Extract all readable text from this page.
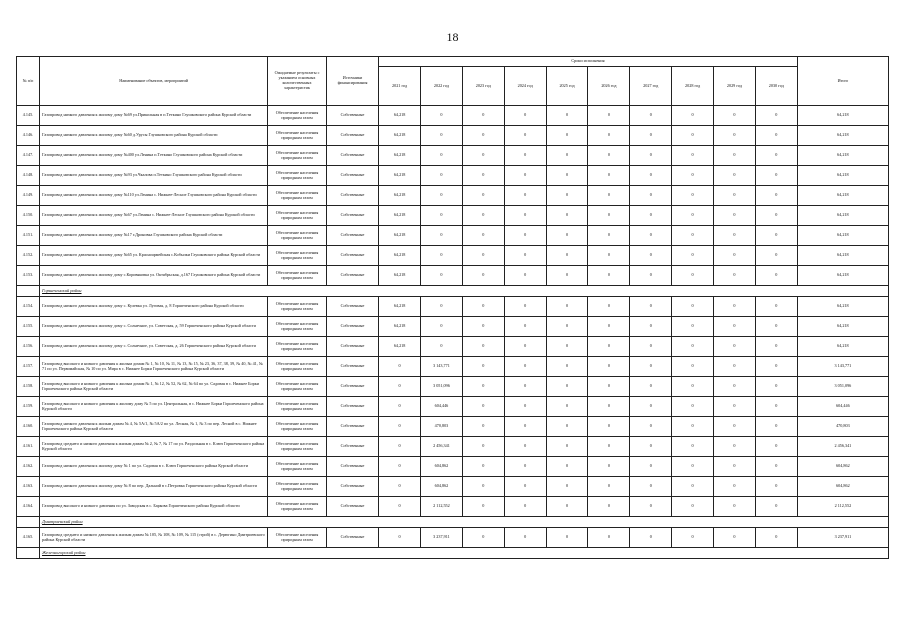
18
№ п/п	Наименование объектов, мероприятий	Ожидаемые результаты с указанием основных количественных характеристик	Источники финансирования	Сроки исполнения										Итого
				2021 год	2022 год	2023 год	2024 год	2025 год	2026 год	2027 год	2028 год	2029 год	2030 год	
4.145.	Газопровод низкого давления к жилому дому №69 ул.Прикольная в п.Теткино Глушковского района Курской области	Обеспечение населения природным газом	Собственные	64,218	0	0	0	0	0	0	0	0	0	64,218
4.146.	Газопровод низкого давления к жилому дому №60 д.Урусы Глушковского района Курской области	Обеспечение населения природным газом	Собственные	64,218	0	0	0	0	0	0	0	0	0	64,218
4.147.	Газопровод низкого давления к жилому дому №400 ул.Ленина п.Теткино Глушковского района Курской области	Обеспечение населения природным газом	Собственные	64,218	0	0	0	0	0	0	0	0	0	64,218
4.148.	Газопровод низкого давления к жилому дому №93 ул.Чкалова п.Теткино Глушковского района Курской области	Обеспечение населения природным газом	Собственные	64,218	0	0	0	0	0	0	0	0	0	64,218
4.149.	Газопровод низкого давления к жилому дому №110 ул.Ленина с. Нижнее-Лесное Глушковского района Курской области	Обеспечение населения природным газом	Собственные	64,218	0	0	0	0	0	0	0	0	0	64,218
4.150.	Газопровод низкого давления к жилому дому №67 ул.Ленина с. Нижнее-Лесное Глушковского района Курской области	Обеспечение населения природным газом	Собственные	64,218	0	0	0	0	0	0	0	0	0	64,218
4.151.	Газопровод низкого давления к жилому дому №17 г.Дроновка Глушковского района Курской области	Обеспечение населения природным газом	Собственные	64,218	0	0	0	0	0	0	0	0	0	64,218
4.152.	Газопровод низкого давления к жилому дому №65 ул. Красноармейская с.Кобылки Глушковского района Курской области	Обеспечение населения природным газом	Собственные	64,218	0	0	0	0	0	0	0	0	0	64,218
4.153.	Газопровод низкого давления к жилому дому с.Коровяковка ул. Октябрьская, д.167 Глушковского района Курской области	Обеспечение населения природным газом	Собственные	64,218	0	0	0	0	0	0	0	0	0	64,218
	Горшеченский район													
4.154.	Газопровод низкого давления к жилому дому с. Кулевка ул. Луговая, д. 8 Горшеченского района Курской области	Обеспечение населения природным газом	Собственные	64,218	0	0	0	0	0	0	0	0	0	64,218
4.155.	Газопровод низкого давления к жилому дому с. Солнечное, ул. Советская, д. 59 Горшеченского района Курской области	Обеспечение населения природным газом	Собственные	64,218	0	0	0	0	0	0	0	0	0	64,218
4.156.	Газопровод низкого давления к жилому дому с. Солнечное, ул. Советская, д. 26 Горшеченского района Курской области	Обеспечение населения природным газом	Собственные	64,218	0	0	0	0	0	0	0	0	0	64,218
4.157.	Газопровод высокого и низкого давления к жилым домам № 1, № 10, № 11, № 13, № 15, № 23, 36, 37, 38, 39, № 40, № 41, № 71 по ул. Первомайская, № 10 по ул. Мира в с. Нижнее Борки Горшеченского района Курской области	Обеспечение населения природным газом	Собственные	0	3 143,771	0	0	0	0	0	0	0	0	3 143,771
4.158.	Газопровод высокого и низкого давления к жилым домам № 1, № 12, № 52, № 62, № 64 по ул. Садовая в с. Нижнее Борки Горшеченского района Курской области	Обеспечение населения природным газом	Собственные	0	3 051,096	0	0	0	0	0	0	0	0	3 051,096
4.159.	Газопровод высокого и низкого давления к жилому дому № 5 по ул. Центральная, в с. Нижнее Борки Горшеченского района Курской области	Обеспечение населения природным газом	Собственные	0	604,446	0	0	0	0	0	0	0	0	604,446
4.160.	Газопровод низкого давления к жилым домам № 4, № 5А/1, № 5А/2 по ул. Лесная, № 1, № 3 по пер. Лесной в с. Нижнее Горшеченского района Курской области	Обеспечение населения природным газом	Собственные	0	470,803	0	0	0	0	0	0	0	0	470,803
4.161.	Газопровод среднего и низкого давления к жилым домам № 2, № 7, № 17 по ул. Раздольная в с. Ключ Горшеченского района Курской области	Обеспечение населения природным газом	Собственные	0	2 456,341	0	0	0	0	0	0	0	0	2 456,341
4.162.	Газопровод низкого давления к жилому дому № 1 по ул. Садовая в с. Ключ Горшеченского района Курской области	Обеспечение населения природным газом	Собственные	0	604,862	0	0	0	0	0	0	0	0	604,862
4.163.	Газопровод низкого давления к жилому дому № 8 по пер. Дальний в с.Петровка Горшеченского района Курской области	Обеспечение населения природным газом	Собственные	0	604,862	0	0	0	0	0	0	0	0	604,862
4.164.	Газопровод высокого и низкого давления по ул. Заводская в с. Баркова Горшеченского района Курской области	Обеспечение населения природным газом	Собственные	0	2 112,552	0	0	0	0	0	0	0	0	2 112,552
	Дмитриевский район													
4.165.	Газопровод среднего и низкого давления к жилым домам № 105, № 108, № 109, № 115 (строй) в с. Дерюгино Дмитриевского района Курской области	Обеспечение населения природным газом	Собственные	0	3 237,911	0	0	0	0	0	0	0	0	3 237,911
	Железногорский район													
